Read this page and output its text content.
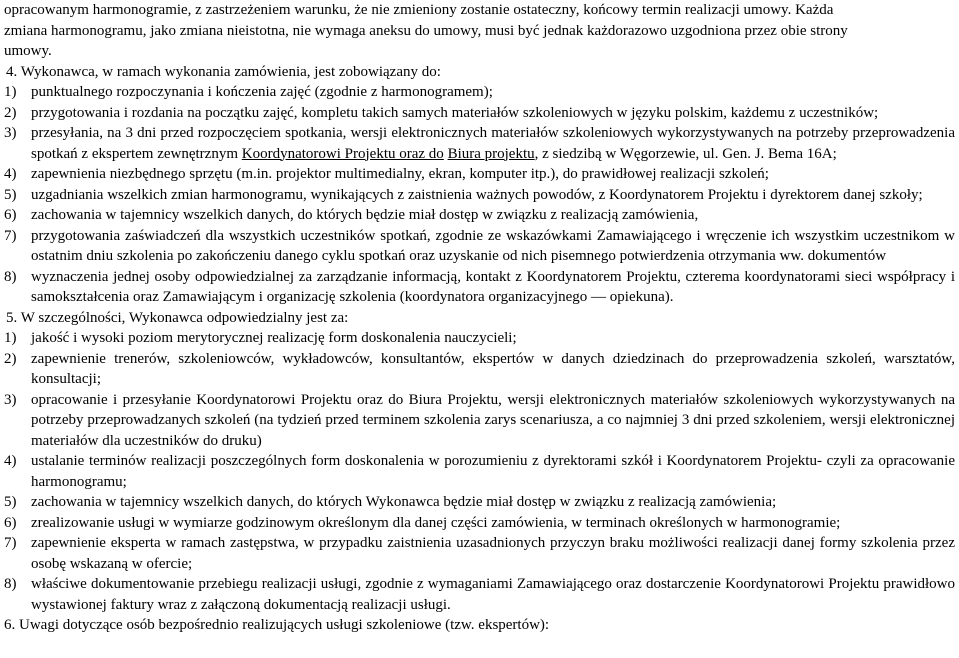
opracowanym harmonogramie, z zastrzeżeniem warunku, że nie zmieniony zostanie ostateczny, końcowy termin realizacji umowy. Każda

zmiana harmonogramu, jako zmiana nieistotna, nie wymaga aneksu do umowy, musi być jednak każdorazowo uzgodniona przez obie strony

umowy.

4. Wykonawca, w ramach wykonania zamówienia, jest zobowiązany do:

1) punktualnego rozpoczynania i kończenia zajęć (zgodnie z harmonogramem);
2) przygotowania i rozdania na początku zajęć, kompletu takich samych materiałów szkoleniowych w języku polskim, każdemu z uczestników;
3) przesyłania, na 3 dni przed rozpoczęciem spotkania, wersji elektronicznych materiałów szkoleniowych wykorzystywanych na potrzeby przeprowadzenia spotkań z ekspertem zewnętrznym Koordynatorowi Projektu oraz do Biura projektu, z siedzibą w Węgorzewie, ul. Gen. J. Bema 16A;
4) zapewnienia niezbędnego sprzętu (m.in. projektor multimedialny, ekran, komputer itp.), do prawidłowej realizacji szkoleń;
5) uzgadniania wszelkich zmian harmonogramu, wynikających z zaistnienia ważnych powodów, z Koordynatorem Projektu i dyrektorem danej szkoły;
6) zachowania w tajemnicy wszelkich danych, do których będzie miał dostęp w związku z realizacją zamówienia,
7) przygotowania zaświadczeń dla wszystkich uczestników spotkań, zgodnie ze wskazówkami Zamawiającego i wręczenie ich wszystkim uczestnikom w ostatnim dniu szkolenia po zakończeniu danego cyklu spotkań oraz uzyskanie od nich pisemnego potwierdzenia otrzymania ww. dokumentów
8) wyznaczenia jednej osoby odpowiedzialnej za zarządzanie informacją, kontakt z Koordynatorem Projektu, czterema koordynatorami sieci współpracy i samokształcenia oraz Zamawiającym i organizację szkolenia (koordynatora organizacyjnego — opiekuna).

5. W szczególności, Wykonawca odpowiedzialny jest za:

1) jakość i wysoki poziom merytorycznej realizację form doskonalenia nauczycieli;
2) zapewnienie trenerów, szkoleniowców, wykładowców, konsultantów, ekspertów w danych dziedzinach do przeprowadzenia szkoleń, warsztatów, konsultacji;
3) opracowanie i przesyłanie Koordynatorowi Projektu oraz do Biura Projektu, wersji elektronicznych materiałów szkoleniowych wykorzystywanych na potrzeby przeprowadzanych szkoleń (na tydzień przed terminem szkolenia zarys scenariusza, a co najmniej 3 dni przed szkoleniem, wersji elektronicznej materiałów dla uczestników do druku)
4) ustalanie terminów realizacji poszczególnych form doskonalenia w porozumieniu z dyrektorami szkół i Koordynatorem Projektu- czyli za opracowanie harmonogramu;
5) zachowania w tajemnicy wszelkich danych, do których Wykonawca będzie miał dostęp w związku z realizacją zamówienia;
6) zrealizowanie usługi w wymiarze godzinowym określonym dla danej części zamówienia, w terminach określonych w harmonogramie;
7) zapewnienie eksperta w ramach zastępstwa, w przypadku zaistnienia uzasadnionych przyczyn braku możliwości realizacji danej formy szkolenia przez osobę wskazaną w ofercie;
8) właściwe dokumentowanie przebiegu realizacji usługi, zgodnie z wymaganiami Zamawiającego oraz dostarczenie Koordynatorowi Projektu prawidłowo wystawionej faktury wraz z załączoną dokumentacją realizacji usługi.

6. Uwagi dotyczące osób bezpośrednio realizujących usługi szkoleniowe (tzw. ekspertów):
